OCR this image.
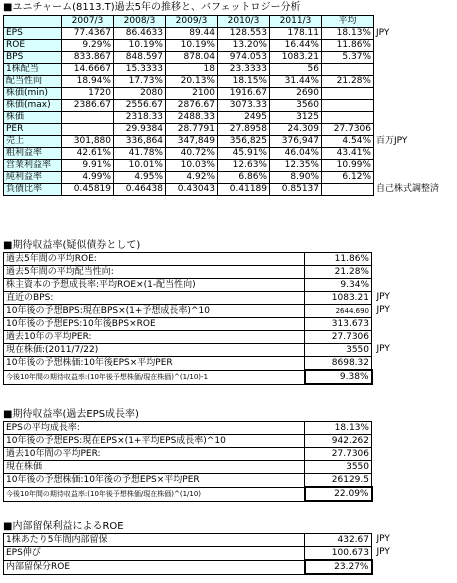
■ユニチャーム(8113.T)過去5年の推移と、バフェットロジー分析
	2007/3	2008/3	2009/3	2010/3	2011/3	平均
EPS	77.4367	86.4633	89.44	128.553	178.11	18.13%
ROE	9.29%	10.19%	10.19%	13.20%	16.44%	11.86%
BPS	833.867	848.597	878.04	974.053	1083.21	5.37%
1株配当	14.6667	15.3333	18	23.3333	56	
配当性向	18.94%	17.73%	20.13%	18.15%	31.44%	21.28%
株価(min)	1720	2080	2100	1916.67	2690	
株価(max)	2386.67	2556.67	2876.67	3073.33	3560	
株価		2318.33	2488.33	2495	3125	
PER		29.9384	28.7791	27.8958	24.309	27.7306
売上	301,880	336,864	347,849	356,825	376,947	4.54%
粗利益率	42.61%	41.78%	40.72%	45.91%	46.04%	43.41%
営業利益率	9.91%	10.01%	10.03%	12.63%	12.35%	10.99%
純利益率	4.99%	4.95%	4.92%	6.86%	8.90%	6.12%
負債比率	0.45819	0.46438	0.43043	0.41189	0.85137	
■期待収益率(疑似債券として)
過去5年間の平均ROE:	11.86%
過去5年間の平均配当性向:	21.28%
株主資本の予想成長率:平均ROE×(1-配当性向)	9.34%
直近のBPS:	1083.21
10年後の予想BPS:現在BPS×(1+予想成長率)^10	2644.690
10年後の予想EPS:10年後BPS×ROE	313.673
過去10年の平均PER:	27.7306
現在株価:(2011/7/22)	3550
10年後の予想株価:10年後EPS×平均PER	8698.32
今後10年間の期待収益率:(10年後予想株価/現在株価)^(1/10)-1	9.38%
■期待収益率(過去EPS成長率)
EPSの平均成長率:	18.13%
10年後の予想EPS:現在EPS×(1+平均EPS成長率)^10	942.262
過去10年間の平均PER:	27.7306
現在株価	3550
10年後の予想株価:10年後の予想EPS×平均PER	26129.5
今後10年間の期待収益率:(10年後予想株価/現在株価)^(1/10)	22.09%
■内部留保利益によるROE
1株あたり5年間内部留保	432.67
EPS伸び	100.673
内部留保分ROE	23.27%
JPY
百万JPY
自己株式調整済
JPY
JPY
JPY
JPY
JPY
